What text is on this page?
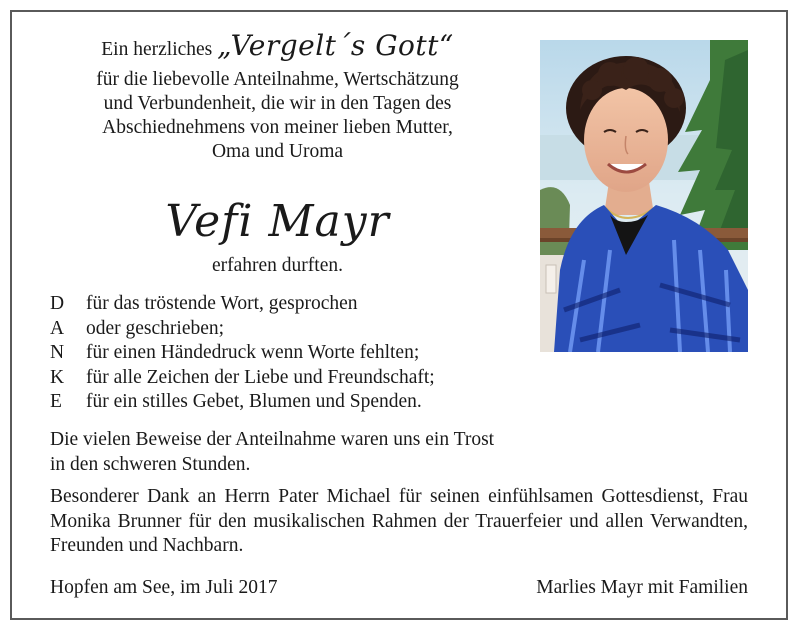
Ein herzliches „Vergelt´s Gott“
für die liebevolle Anteilnahme, Wertschätzung
und Verbundenheit, die wir in den Tagen des
Abschiednehmens von meiner lieben Mutter,
Oma und Uroma
Vefi Mayr
erfahren durften.
D	für das tröstende Wort, gesprochen
A	oder geschrieben;
N	für einen Händedruck wenn Worte fehlten;
K	für alle Zeichen der Liebe und Freundschaft;
E	für ein stilles Gebet, Blumen und Spenden.
Die vielen Beweise der Anteilnahme waren uns ein Trost
in den schweren Stunden.
Besonderer Dank an Herrn Pater Michael für seinen einfühlsamen Gottesdienst, Frau Monika Brunner für den musikalischen Rahmen der Trauerfeier und allen Verwandten, Freunden und Nachbarn.
Hopfen am See, im Juli 2017	Marlies Mayr mit Familien
